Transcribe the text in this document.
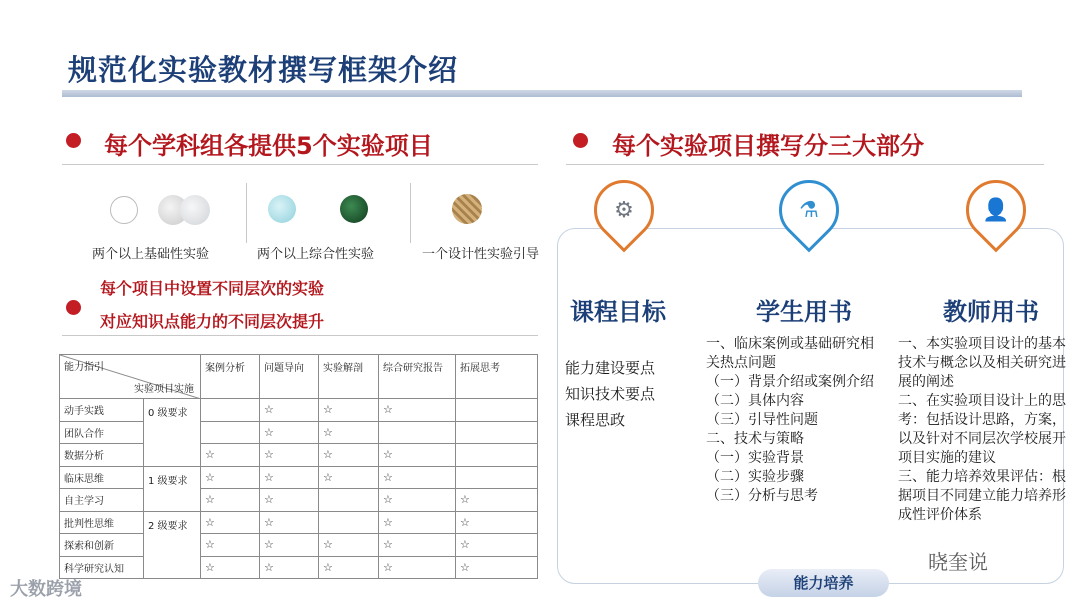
规范化实验教材撰写框架介绍
每个学科组各提供5个实验项目
两个以上基础性实验	两个以上综合性实验	一个设计性实验引导
每个项目中设置不同层次的实验
对应知识点能力的不同层次提升
能力指引
实验项目实施		案例分析	问题导向	实验解剖	综合研究报告	拓展思考
动手实践	0 级要求		☆	☆	☆	
团队合作			☆	☆		
数据分析		☆	☆	☆	☆	
临床思维	1 级要求	☆	☆	☆	☆	
自主学习		☆	☆		☆	☆
批判性思维	2 级要求	☆	☆		☆	☆
探索和创新		☆	☆	☆	☆	☆
科学研究认知		☆	☆	☆	☆	☆
每个实验项目撰写分三大部分
⚙	⚗	👤
课程目标	学生用书	教师用书
能力建设要点
知识技术要点
课程思政
一、临床案例或基础研究相关热点问题
（一）背景介绍或案例介绍
（二）具体内容
（三）引导性问题
二、技术与策略
（一）实验背景
（二）实验步骤
（三）分析与思考
一、本实验项目设计的基本技术与概念以及相关研究进展的阐述
二、在实验项目设计上的思考：包括设计思路，方案，以及针对不同层次学校展开项目实施的建议
三、能力培养效果评估：根据项目不同建立能力培养形成性评价体系
能力培养
大数跨境
晓奎说
